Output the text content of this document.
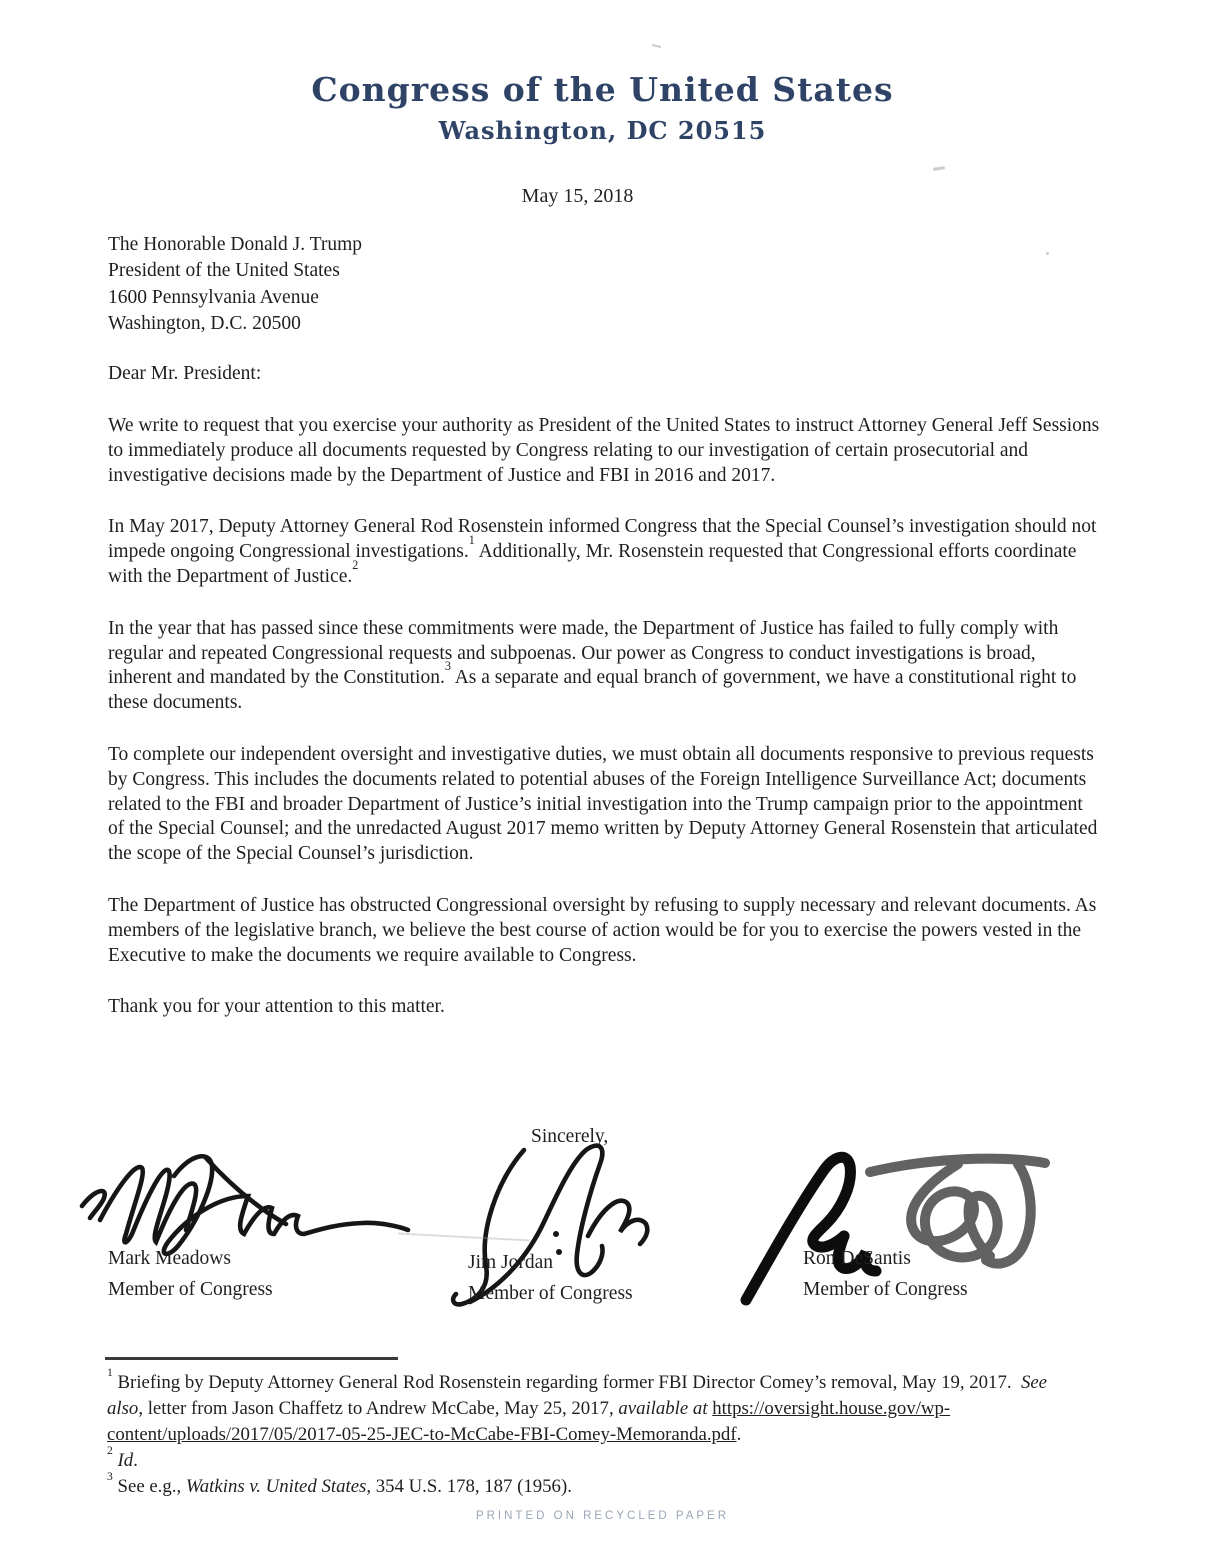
Congress of the United States
Washington, DC 20515
May 15, 2018
The Honorable Donald J. Trump
President of the United States
1600 Pennsylvania Avenue
Washington, D.C. 20500

Dear Mr. President:

We write to request that you exercise your authority as President of the United States to instruct Attorney General Jeff Sessions to immediately produce all documents requested by Congress relating to our investigation of certain prosecutorial and investigative decisions made by the Department of Justice and FBI in 2016 and 2017.

In May 2017, Deputy Attorney General Rod Rosenstein informed Congress that the Special Counsel’s investigation should not impede ongoing Congressional investigations.$^1$ Additionally, Mr. Rosenstein requested that Congressional efforts coordinate with the Department of Justice.$^2$

In the year that has passed since these commitments were made, the Department of Justice has failed to fully comply with regular and repeated Congressional requests and subpoenas. Our power as Congress to conduct investigations is broad, inherent and mandated by the Constitution.$^3$ As a separate and equal branch of government, we have a constitutional right to these documents.

To complete our independent oversight and investigative duties, we must obtain all documents responsive to previous requests by Congress. This includes the documents related to potential abuses of the Foreign Intelligence Surveillance Act; documents related to the FBI and broader Department of Justice’s initial investigation into the Trump campaign prior to the appointment of the Special Counsel; and the unredacted August 2017 memo written by Deputy Attorney General Rosenstein that articulated the scope of the Special Counsel’s jurisdiction.

The Department of Justice has obstructed Congressional oversight by refusing to supply necessary and relevant documents. As members of the legislative branch, we believe the best course of action would be for you to exercise the powers vested in the Executive to make the documents we require available to Congress.

Thank you for your attention to this matter.

Sincerely,
Mark Meadows
Member of Congress
Jim Jordan
Member of Congress
Ron DeSantis
Member of Congress
$^1$ Briefing by Deputy Attorney General Rod Rosenstein regarding former FBI Director Comey’s removal, May 19, 2017.  See also, letter from Jason Chaffetz to Andrew McCabe, May 25, 2017, available at https://oversight.house.gov/wp-content/uploads/2017/05/2017-05-25-JEC-to-McCabe-FBI-Comey-Memoranda.pdf.
$^2$ Id.
$^3$ See e.g., Watkins v. United States, 354 U.S. 178, 187 (1956).
PRINTED ON RECYCLED PAPER
